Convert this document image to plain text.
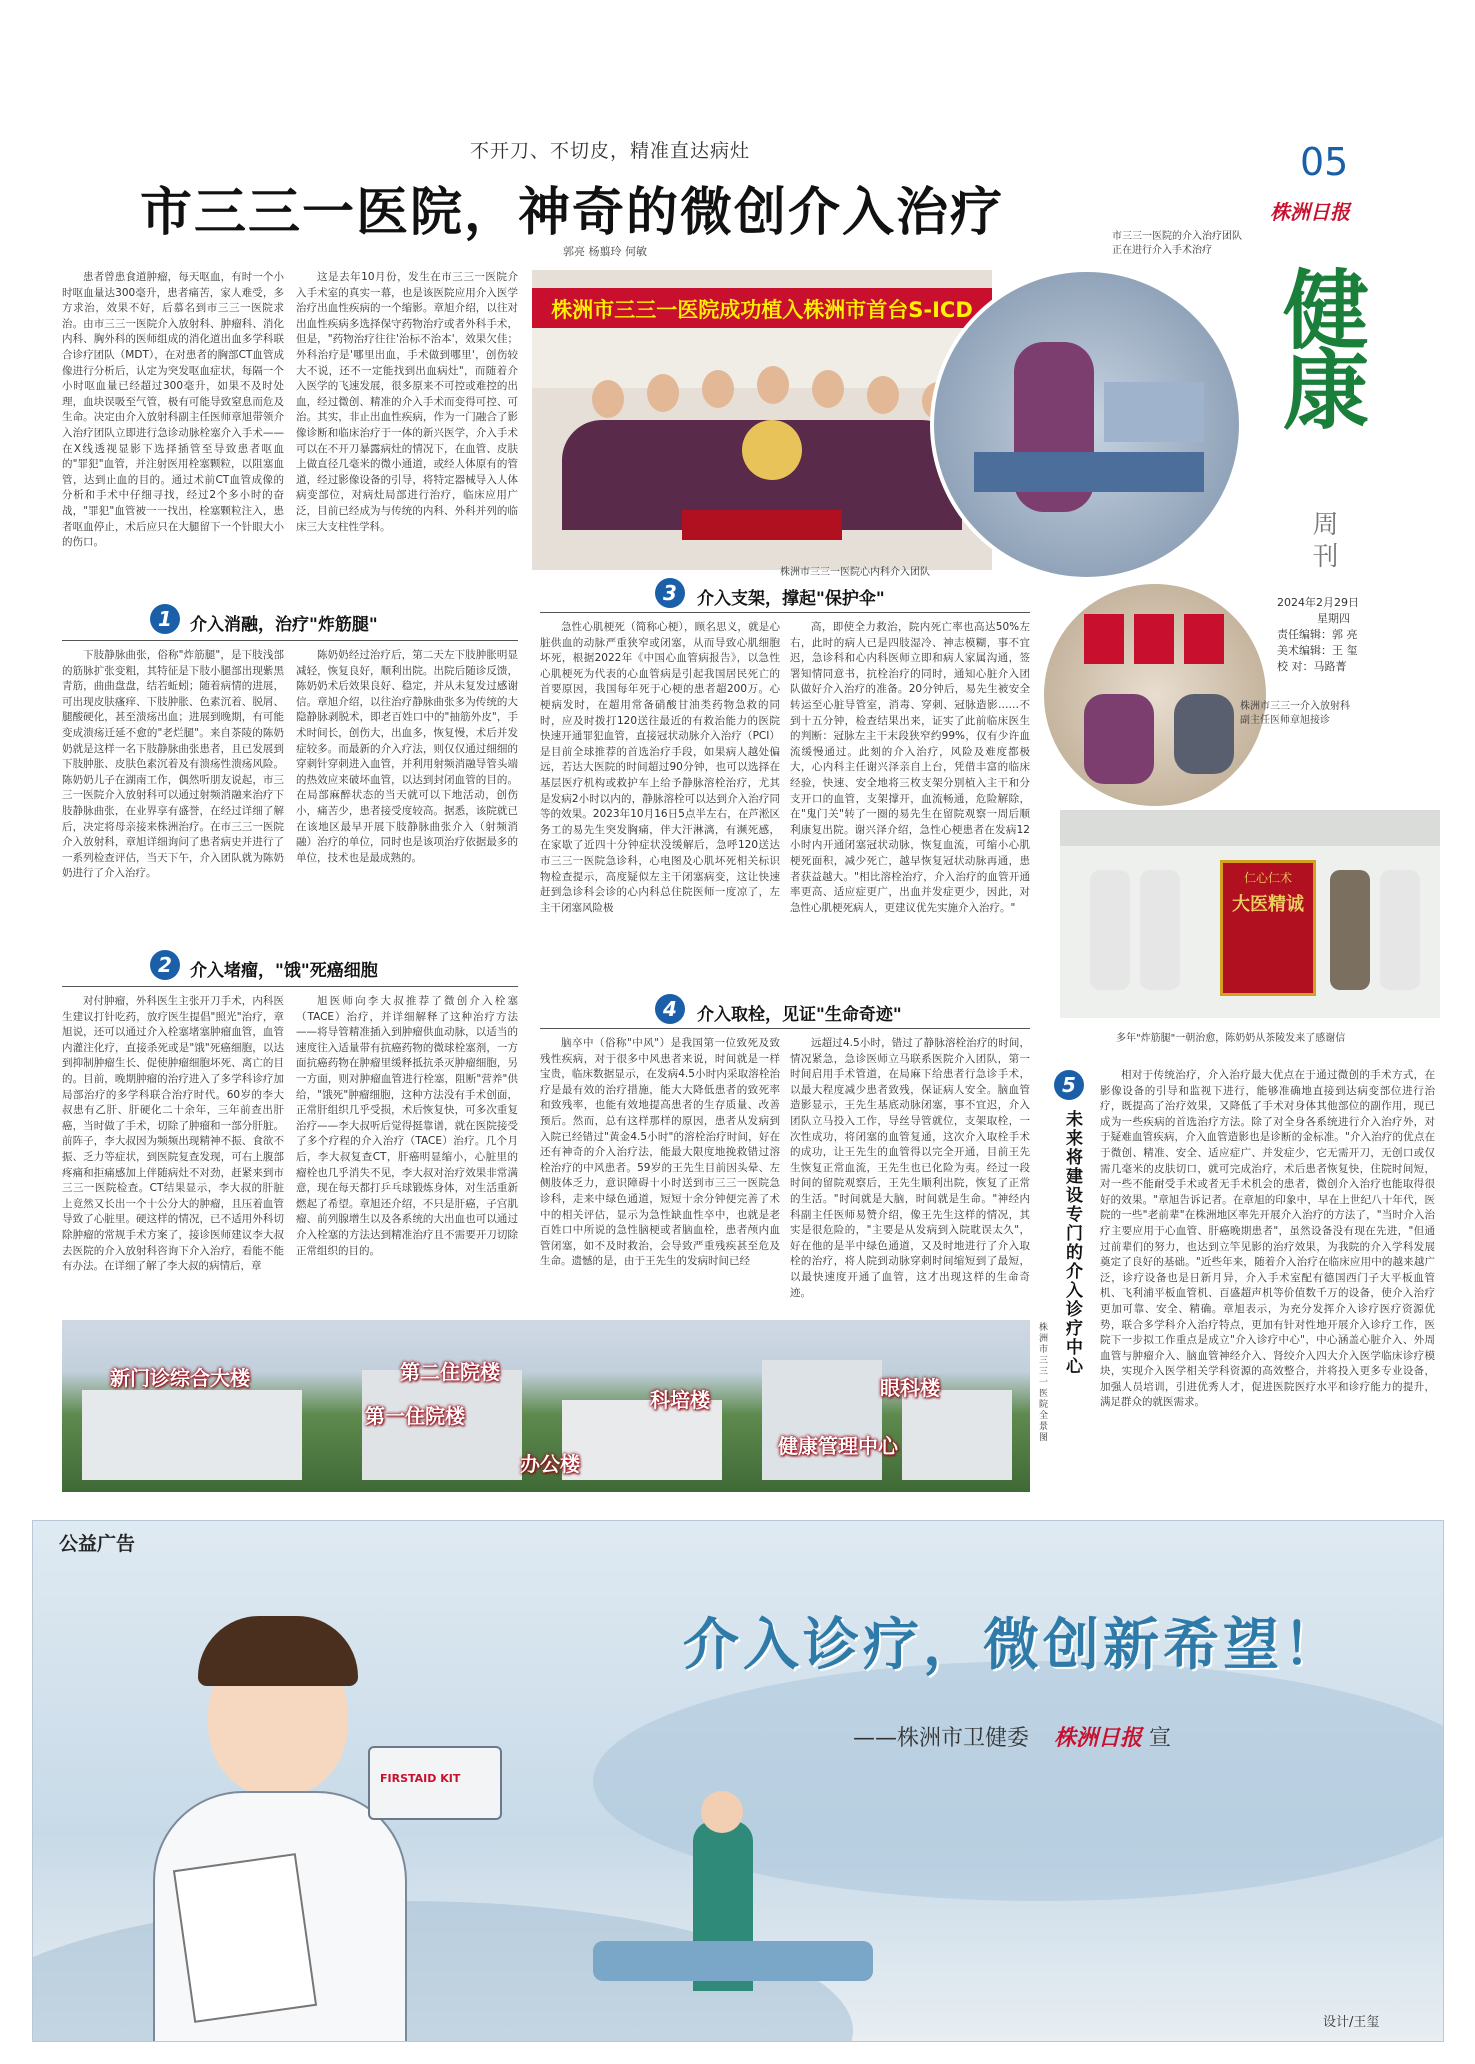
不开刀、不切皮，精准直达病灶
市三三一医院，神奇的微创介入治疗
郭亮 杨翦玲 何敏
05
株洲日报
健康
周刊
2024年2月29日
星期四
责任编辑：郭 亮
美术编辑：王 玺
校 对：马路菁

患者曾患食道肿瘤，每天呕血，有时一个小时呕血量达300毫升，患者痛苦，家人难受，多方求治，效果不好，后慕名到市三三一医院求治。由市三三一医院介入放射科、肿瘤科、消化内科、胸外科的医师组成的消化道出血多学科联合诊疗团队（MDT），在对患者的胸部CT血管成像进行分析后，认定为突发呕血症状，每隔一个小时呕血量已经超过300毫升，如果不及时处理，血块误吸至气管，极有可能导致窒息而危及生命。决定由介入放射科副主任医师章旭带领介入治疗团队立即进行急诊动脉栓塞介入手术——在X线透视显影下选择插管至导致患者呕血的"罪犯"血管，并注射医用栓塞颗粒，以阻塞血管，达到止血的目的。通过术前CT血管成像的分析和手术中仔细寻找，经过2个多小时的奋战，"罪犯"血管被一一找出，栓塞颗粒注入，患者呕血停止，术后应只在大腿留下一个针眼大小的伤口。

这是去年10月份，发生在市三三一医院介入手术室的真实一幕，也是该医院应用介入医学治疗出血性疾病的一个缩影。章旭介绍，以往对出血性疾病多选择保守药物治疗或者外科手术，但是，"药物治疗往往'治标不治本'，效果欠佳；外科治疗是'哪里出血，手术做到哪里'，创伤较大不说，还不一定能找到出血病灶"，而随着介入医学的飞速发展，很多原来不可控或难控的出血，经过微创、精准的介入手术而变得可控、可治。其实，非止出血性疾病，作为一门融合了影像诊断和临床治疗于一体的新兴医学，介入手术可以在不开刀暴露病灶的情况下，在血管、皮肤上做直径几毫米的微小通道，或经人体原有的管道，经过影像设备的引导，将特定器械导入人体病变部位，对病灶局部进行治疗，临床应用广泛，目前已经成为与传统的内科、外科并列的临床三大支柱性学科。

株洲市三三一医院成功植入株洲市首台S-ICD
株洲市三三一医院心内科介入团队
市三三一医院的介入治疗团队正在进行介入手术治疗
株洲市三三一介入放射科副主任医师章旭接诊
仁心仁术
大医精诚
多年"炸筋腿"一朝治愈，陈奶奶从茶陵发来了感谢信
1	介入消融，治疗"炸筋腿"

下肢静脉曲张，俗称"炸筋腿"，是下肢浅部的筋脉扩张变粗，其特征是下肢小腿部出现紫黑青筋，曲曲盘盘，结若蚯蚓；随着病情的进展，可出现皮肤瘙痒、下肢肿胀、色素沉着、脱屑、腿酸硬化，甚至溃疡出血；进展到晚期，有可能变成溃疡迁延不愈的"老烂腿"。来自茶陵的陈奶奶就是这样一名下肢静脉曲张患者，且已发展到下肢肿胀、皮肤色素沉着及有溃疡性溃疡风险。陈奶奶儿子在湖南工作，偶然听朋友说起，市三三一医院介入放射科可以通过射频消融来治疗下肢静脉曲张，在业界享有盛誉，在经过详细了解后，决定将母亲接来株洲治疗。在市三三一医院介入放射科，章旭详细询问了患者病史并进行了一系列检查评估，当天下午，介入团队就为陈奶奶进行了介入治疗。

陈奶奶经过治疗后，第二天左下肢肿胀明显减轻，恢复良好，顺利出院。出院后随诊反馈，陈奶奶术后效果良好、稳定，并从未复发过感谢信。章旭介绍，以往治疗静脉曲张多为传统的大隐静脉剥脱术，即老百姓口中的"抽筋外皮"，手术时间长，创伤大，出血多，恢复慢，术后并发症较多。而最新的介入疗法，则仅仅通过细细的穿刺针穿刺进入血管，并利用射频消融导管头端的热效应来破坏血管，以达到封闭血管的目的。在局部麻醉状态的当天就可以下地活动，创伤小，痛苦少，患者接受度较高。据悉，该院就已在该地区最早开展下肢静脉曲张介入（射频消融）治疗的单位，同时也是该项治疗依据最多的单位，技术也是最成熟的。

2	介入堵瘤，"饿"死癌细胞

对付肿瘤，外科医生主张开刀手术，内科医生建议打针吃药，放疗医生提倡"照光"治疗，章旭说，还可以通过介入栓塞堵塞肿瘤血管，血管内灌注化疗，直接杀死或是"饿"死癌细胞，以达到抑制肿瘤生长、促使肿瘤细胞坏死、离亡的目的。目前，晚期肿瘤的治疗进入了多学科诊疗加局部治疗的多学科联合治疗时代。60岁的李大叔患有乙肝、肝硬化二十余年，三年前查出肝癌，当时做了手术，切除了肿瘤和一部分肝脏。前阵子，李大叔因为频频出现精神不振、食欲不振、乏力等症状，到医院复查发现，可右上腹部疼痛和拒痛感加上伴随病灶不对劲，赶紧来到市三三一医院检查。CT结果显示，李大叔的肝脏上竟然又长出一个十公分大的肿瘤，且压着血管导致了心脏里。硬这样的情况，已不适用外科切除肿瘤的常规手术方案了，接诊医师建议李大叔去医院的介入放射科咨询下介入治疗，看能不能有办法。在详细了解了李大叔的病情后，章

旭医师向李大叔推荐了微创介入栓塞（TACE）治疗，并详细解释了这种治疗方法——将导管精准插入到肿瘤供血动脉，以适当的速度往入适量带有抗癌药物的微球栓塞剂，一方面抗癌药物在肿瘤里缓释抵抗杀灭肿瘤细胞，另一方面，则对肿瘤血管进行栓塞，阻断"营养"供给，"饿死"肿瘤细胞，这种方法没有手术创面，正常肝组织几乎受损，术后恢复快，可多次重复治疗——李大叔听后觉得挺靠谱，就在医院接受了多个疗程的介入治疗（TACE）治疗。几个月后，李大叔复查CT，肝癌明显缩小，心脏里的瘤栓也几乎消失不见，李大叔对治疗效果非常满意，现在每天都打乒乓球锻炼身体，对生活重新燃起了希望。章旭还介绍，不只是肝癌，子宫肌瘤、前列腺增生以及各系统的大出血也可以通过介入栓塞的方法达到精准治疗且不需要开刀切除正常组织的目的。

3	介入支架，撑起"保护伞"

急性心肌梗死（简称心梗），顾名思义，就是心脏供血的动脉严重狭窄或闭塞，从而导致心肌细胞坏死，根据2022年《中国心血管病报告》，以急性心肌梗死为代表的心血管病是引起我国居民死亡的首要原因，我国每年死于心梗的患者超200万。心梗病发时，在超用常备硝酸甘油类药物急救的同时，应及时拨打120送往最近的有救治能力的医院快速开通罪犯血管，直接冠状动脉介入治疗（PCI）是目前全球推荐的首选治疗手段，如果病人越处偏远，若达大医院的时间超过90分钟，也可以选择在基层医疗机构或救护车上给予静脉溶栓治疗，尤其是发病2小时以内的，静脉溶栓可以达到介入治疗同等的效果。2023年10月16日5点半左右，在芦淞区务工的易先生突发胸痛，伴大汗淋漓，有濒死感，在家歇了近四十分钟症状没缓解后，急呼120送达市三三一医院急诊科，心电图及心肌坏死相关标识物检查提示，高度疑似左主干闭塞病变，这让快速赶到急诊科会诊的心内科总住院医师一度凉了，左主干闭塞风险极

高，即使全力救治，院内死亡率也高达50%左右，此时的病人已是四肢湿冷、神志模糊，事不宜迟，急诊科和心内科医师立即和病人家属沟通，签署知情同意书，抗栓治疗的同时，通知心脏介入团队做好介入治疗的准备。20分钟后，易先生被安全转运至心脏导管室，消毒、穿刺、冠脉造影……不到十五分钟，检查结果出来，证实了此前临床医生的判断：冠脉左主干末段狭窄约99%，仅有少许血流缓慢通过。此刻的介入治疗，风险及难度都极大，心内科主任谢兴泽亲自上台，凭借丰富的临床经验，快速、安全地将三枚支架分别植入主干和分支开口的血管，支架撑开，血流畅通，危险解除，在"鬼门关"转了一圈的易先生在留院观察一周后顺利康复出院。谢兴泽介绍，急性心梗患者在发病12小时内开通闭塞冠状动脉，恢复血流，可缩小心肌梗死面积，减少死亡，越早恢复冠状动脉再通，患者获益越大。"相比溶栓治疗，介入治疗的血管开通率更高、适应症更广，出血并发症更少，因此，对急性心肌梗死病人，更建议优先实施介入治疗。"

4	介入取栓，见证"生命奇迹"

脑卒中（俗称"中风"）是我国第一位致死及致残性疾病，对于很多中风患者来说，时间就是一样宝贵，临床数据显示，在发病4.5小时内采取溶栓治疗是最有效的治疗措施，能大大降低患者的致死率和致残率，也能有效地提高患者的生存质量、改善预后。然而，总有这样那样的原因，患者从发病到入院已经错过"黄金4.5小时"的溶栓治疗时间，好在还有神奇的介入治疗法，能最大限度地挽救错过溶栓治疗的中风患者。59岁的王先生目前因头晕、左侧肢体乏力，意识障碍十小时送到市三三一医院急诊科，走来中绿色通道，短短十余分钟便完善了术中的相关评估，显示为急性缺血性卒中，也就是老百姓口中所说的急性脑梗或者脑血栓，患者颅内血管闭塞，如不及时救治，会导致严重残疾甚至危及生命。遗憾的是，由于王先生的发病时间已经

远超过4.5小时，错过了静脉溶栓治疗的时间，情况紧急，急诊医师立马联系医院介入团队，第一时间启用手术管道，在局麻下给患者行急诊手术，以最大程度减少患者致残，保证病人安全。脑血管造影显示，王先生基底动脉闭塞，事不宜迟，介入团队立马投入工作，导丝导管就位，支架取栓，一次性成功，将闭塞的血管复通，这次介入取栓手术的成功，让王先生的血管得以完全开通，目前王先生恢复正常血流，王先生也已化险为夷。经过一段时间的留院观察后，王先生顺利出院，恢复了正常的生活。"时间就是大脑，时间就是生命。"神经内科副主任医师易赞介绍，像王先生这样的情况，其实是很危险的，"主要是从发病到入院耽误太久"，好在他的是半中绿色通道，又及时地进行了介入取栓的治疗，将人院到动脉穿刺时间缩短到了最短，以最快速度开通了血管，这才出现这样的生命奇迹。

5
未来将建设专门的介入诊疗中心

相对于传统治疗，介入治疗最大优点在于通过微创的手术方式，在影像设备的引导和监视下进行，能够准确地直接到达病变部位进行治疗，既提高了治疗效果，又降低了手术对身体其他部位的副作用，现已成为一些疾病的首选治疗方法。除了对全身各系统进行介入治疗外，对于疑难血管疾病，介入血管造影也是诊断的金标准。"介入治疗的优点在于微创、精准、安全、适应症广、并发症少，它无需开刀，无创口或仅需几毫米的皮肤切口，就可完成治疗，术后患者恢复快，住院时间短，对一些不能耐受手术或者无手术机会的患者，微创介入治疗也能取得很好的效果。"章旭告诉记者。在章旭的印象中，早在上世纪八十年代，医院的一些"老前辈"在株洲地区率先开展介入治疗的方法了，"当时介入治疗主要应用于心血管、肝癌晚期患者"，虽然设备没有现在先进，"但通过前辈们的努力，也达到立竿见影的治疗效果，为我院的介入学科发展奠定了良好的基础。"近些年来，随着介入治疗在临床应用中的越来越广泛，诊疗设备也是日新月异，介入手术室配有德国西门子大平板血管机、飞利浦平板血管机、百盛超声机等价值数千万的设备，使介入治疗更加可靠、安全、精确。章旭表示，为充分发挥介入诊疗医疗资源优势，联合多学科介入治疗特点，更加有针对性地开展介入诊疗工作，医院下一步拟工作重点是成立"介入诊疗中心"，中心涵盖心脏介入、外周血管与肿瘤介入、脑血管神经介入、肾绞介入四大介入医学临床诊疗模块，实现介入医学相关学科资源的高效整合，并将投入更多专业设备，加强人员培训，引进优秀人才，促进医院医疗水平和诊疗能力的提升，满足群众的就医需求。

新门诊综合大楼	第二住院楼
第一住院楼
科培楼	眼科楼
办公楼
健康管理中心
株洲市三三一医院全景图
FIRSTAID KIT
公益广告
介入诊疗，微创新希望！
——株洲市卫健委 株洲日报 宣
设计/王玺
